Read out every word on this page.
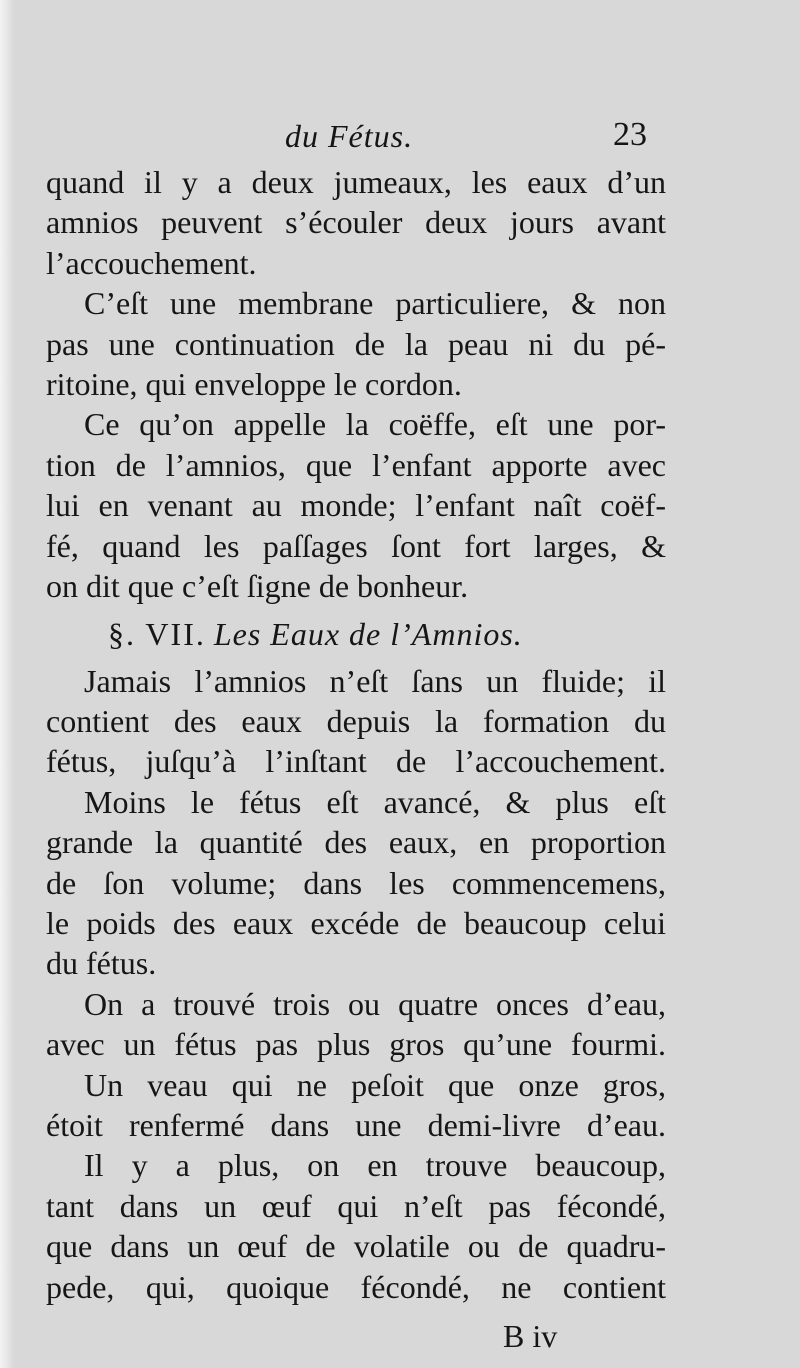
du Fétus.	23
quand il y a deux jumeaux, les eaux d’un
amnios peuvent s’écouler deux jours avant
l’accouchement.
C’eſt une membrane particuliere, & non
pas une continuation de la peau ni du pé-
ritoine, qui enveloppe le cordon.
Ce qu’on appelle la coëffe, eſt une por-
tion de l’amnios, que l’enfant apporte avec
lui en venant au monde; l’enfant naît coëf-
fé, quand les paſſages ſont fort larges, &
on dit que c’eſt ſigne de bonheur.
§. VII. Les Eaux de l’Amnios.
Jamais l’amnios n’eſt ſans un fluide; il
contient des eaux depuis la formation du
fétus, juſqu’à l’inſtant de l’accouchement.
Moins le fétus eſt avancé, & plus eſt
grande la quantité des eaux, en proportion
de ſon volume; dans les commencemens,
le poids des eaux excéde de beaucoup celui
du fétus.
On a trouvé trois ou quatre onces d’eau,
avec un fétus pas plus gros qu’une fourmi.
Un veau qui ne peſoit que onze gros,
étoit renfermé dans une demi-livre d’eau.
Il y a plus, on en trouve beaucoup,
tant dans un œuf qui n’eſt pas fécondé,
que dans un œuf de volatile ou de quadru-
pede, qui, quoique fécondé, ne contient
B iv
